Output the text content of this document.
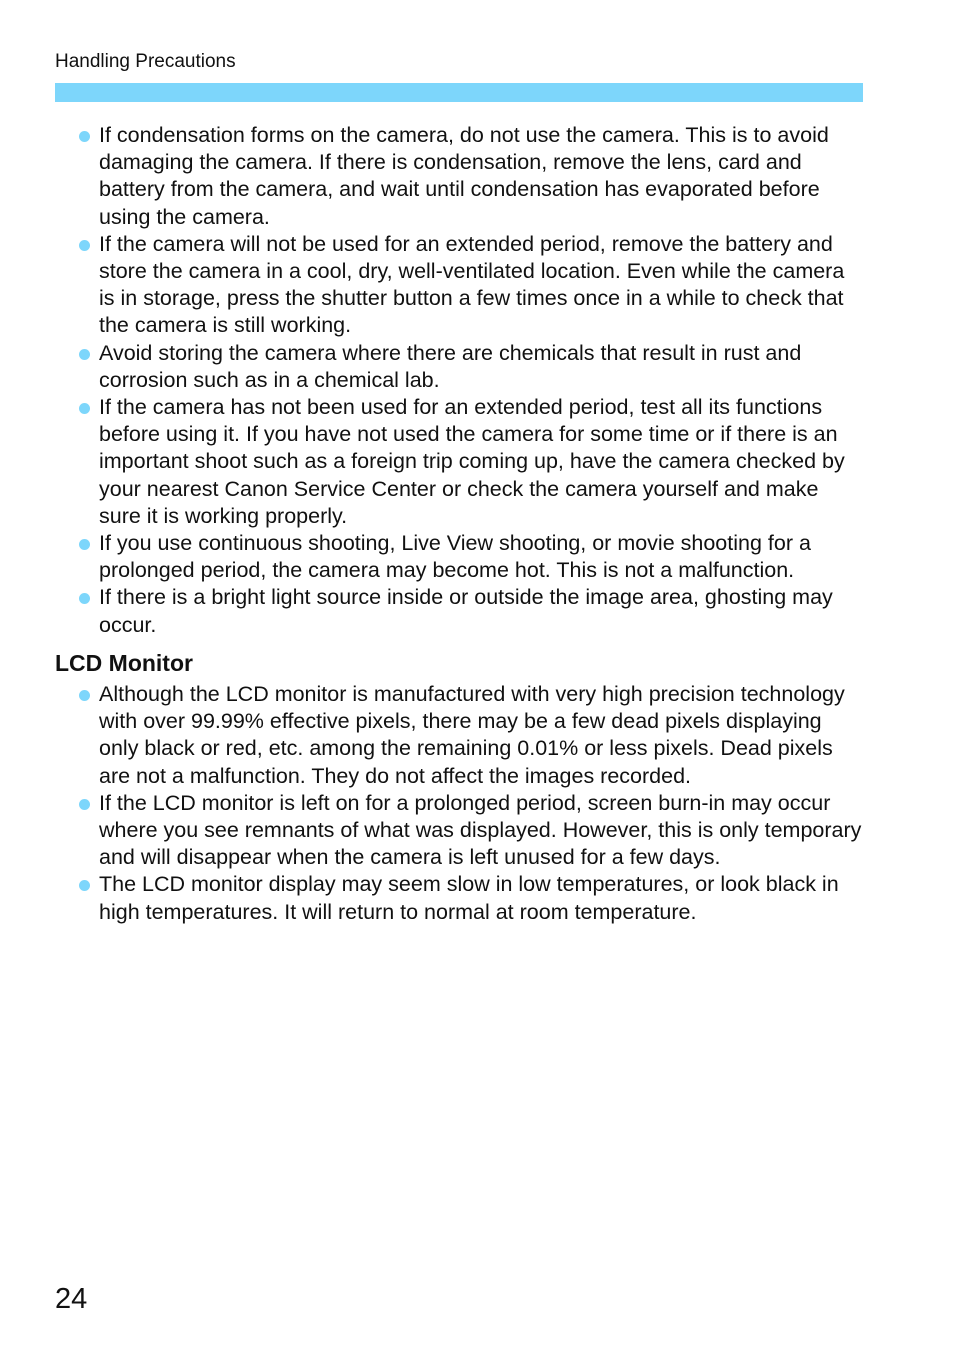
Handling Precautions
If condensation forms on the camera, do not use the camera. This is to avoid damaging the camera. If there is condensation, remove the lens, card and battery from the camera, and wait until condensation has evaporated before using the camera.
If the camera will not be used for an extended period, remove the battery and store the camera in a cool, dry, well-ventilated location. Even while the camera is in storage, press the shutter button a few times once in a while to check that the camera is still working.
Avoid storing the camera where there are chemicals that result in rust and corrosion such as in a chemical lab.
If the camera has not been used for an extended period, test all its functions before using it. If you have not used the camera for some time or if there is an important shoot such as a foreign trip coming up, have the camera checked by your nearest Canon Service Center or check the camera yourself and make sure it is working properly.
If you use continuous shooting, Live View shooting, or movie shooting for a prolonged period, the camera may become hot. This is not a malfunction.
If there is a bright light source inside or outside the image area, ghosting may occur.
LCD Monitor
Although the LCD monitor is manufactured with very high precision technology with over 99.99% effective pixels, there may be a few dead pixels displaying only black or red, etc. among the remaining 0.01% or less pixels. Dead pixels are not a malfunction. They do not affect the images recorded.
If the LCD monitor is left on for a prolonged period, screen burn-in may occur where you see remnants of what was displayed. However, this is only temporary and will disappear when the camera is left unused for a few days.
The LCD monitor display may seem slow in low temperatures, or look black in high temperatures. It will return to normal at room temperature.
24
